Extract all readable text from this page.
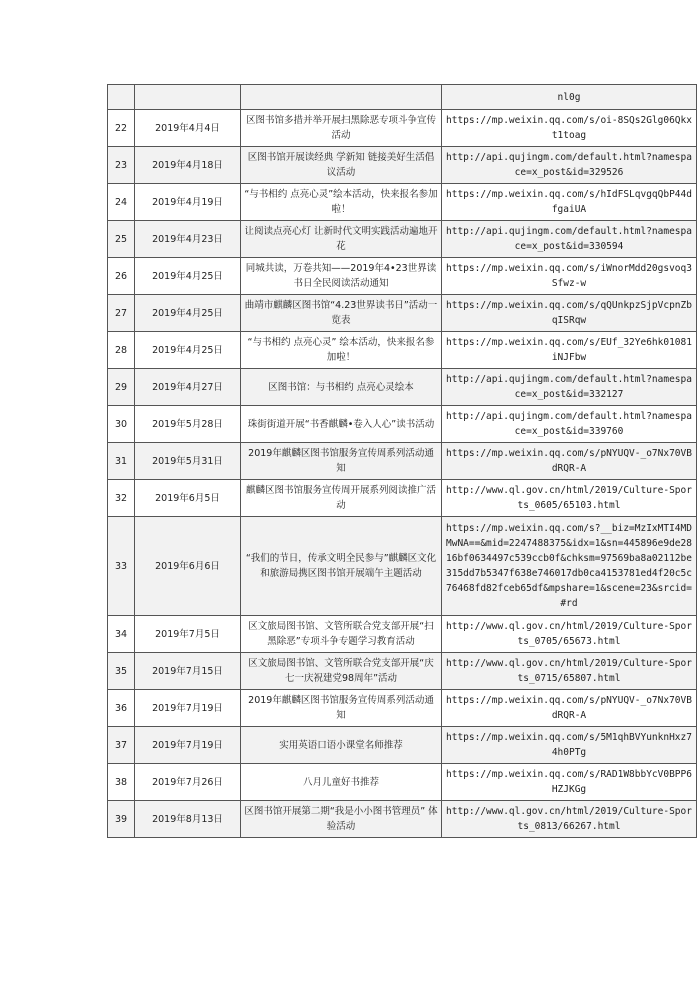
			nl0g
22	2019年4月4日	区图书馆多措并举开展扫黑除恶专项斗争宣传活动	https://mp.weixin.qq.com/s/oi-8SQs2Glg06Qkxt1toag
23	2019年4月18日	区图书馆开展读经典 学新知 链接美好生活倡议活动	http://api.qujingm.com/default.html?namespace=x_post&id=329526
24	2019年4月19日	“与书相约 点亮心灵”绘本活动，快来报名参加啦！	https://mp.weixin.qq.com/s/hIdFSLqvgqQbP44dfgaiUA
25	2019年4月23日	让阅读点亮心灯 让新时代文明实践活动遍地开花	http://api.qujingm.com/default.html?namespace=x_post&id=330594
26	2019年4月25日	同城共读，万卷共知——2019年4•23世界读书日全民阅读活动通知	https://mp.weixin.qq.com/s/iWnorMdd20gsvoq3Sfwz-w
27	2019年4月25日	曲靖市麒麟区图书馆“4.23世界读书日”活动一览表	https://mp.weixin.qq.com/s/qQUnkpzSjpVcpnZbqISRqw
28	2019年4月25日	“与书相约 点亮心灵” 绘本活动，快来报名参加啦！	https://mp.weixin.qq.com/s/EUf_32Ye6hk01081iNJFbw
29	2019年4月27日	区图书馆：与书相约 点亮心灵绘本	http://api.qujingm.com/default.html?namespace=x_post&id=332127
30	2019年5月28日	珠街街道开展“书香麒麟•卷入人心”读书活动	http://api.qujingm.com/default.html?namespace=x_post&id=339760
31	2019年5月31日	2019年麒麟区图书馆服务宣传周系列活动通知	https://mp.weixin.qq.com/s/pNYUQV-_o7Nx70VBdRQR-A
32	2019年6月5日	麒麟区图书馆服务宣传周开展系列阅读推广活动	http://www.ql.gov.cn/html/2019/Culture-Sports_0605/65103.html
33	2019年6月6日	“我们的节日，传承文明全民参与”麒麟区文化和旅游局携区图书馆开展端午主题活动	https://mp.weixin.qq.com/s?__biz=MzIxMTI4MDMwNA==&mid=2247488375&idx=1&sn=445896e9de2816bf0634497c539ccb0f&chksm=97569ba8a02112be315dd7b5347f638e746017db0ca4153781ed4f20c5c76468fd82fceb65df&mpshare=1&scene=23&srcid=#rd
34	2019年7月5日	区文旅局图书馆、文管所联合党支部开展“扫黑除恶”专项斗争专题学习教育活动	http://www.ql.gov.cn/html/2019/Culture-Sports_0705/65673.html
35	2019年7月15日	区文旅局图书馆、文管所联合党支部开展“庆七一庆祝建党98周年”活动	http://www.ql.gov.cn/html/2019/Culture-Sports_0715/65807.html
36	2019年7月19日	2019年麒麟区图书馆服务宣传周系列活动通知	https://mp.weixin.qq.com/s/pNYUQV-_o7Nx70VBdRQR-A
37	2019年7月19日	实用英语口语小课堂名师推荐	https://mp.weixin.qq.com/s/5M1qhBVYunknHxz74h0PTg
38	2019年7月26日	八月儿童好书推荐	https://mp.weixin.qq.com/s/RAD1W8bbYcV0BPP6HZJKGg
39	2019年8月13日	区图书馆开展第二期“我是小小图书管理员” 体验活动	http://www.ql.gov.cn/html/2019/Culture-Sports_0813/66267.html
